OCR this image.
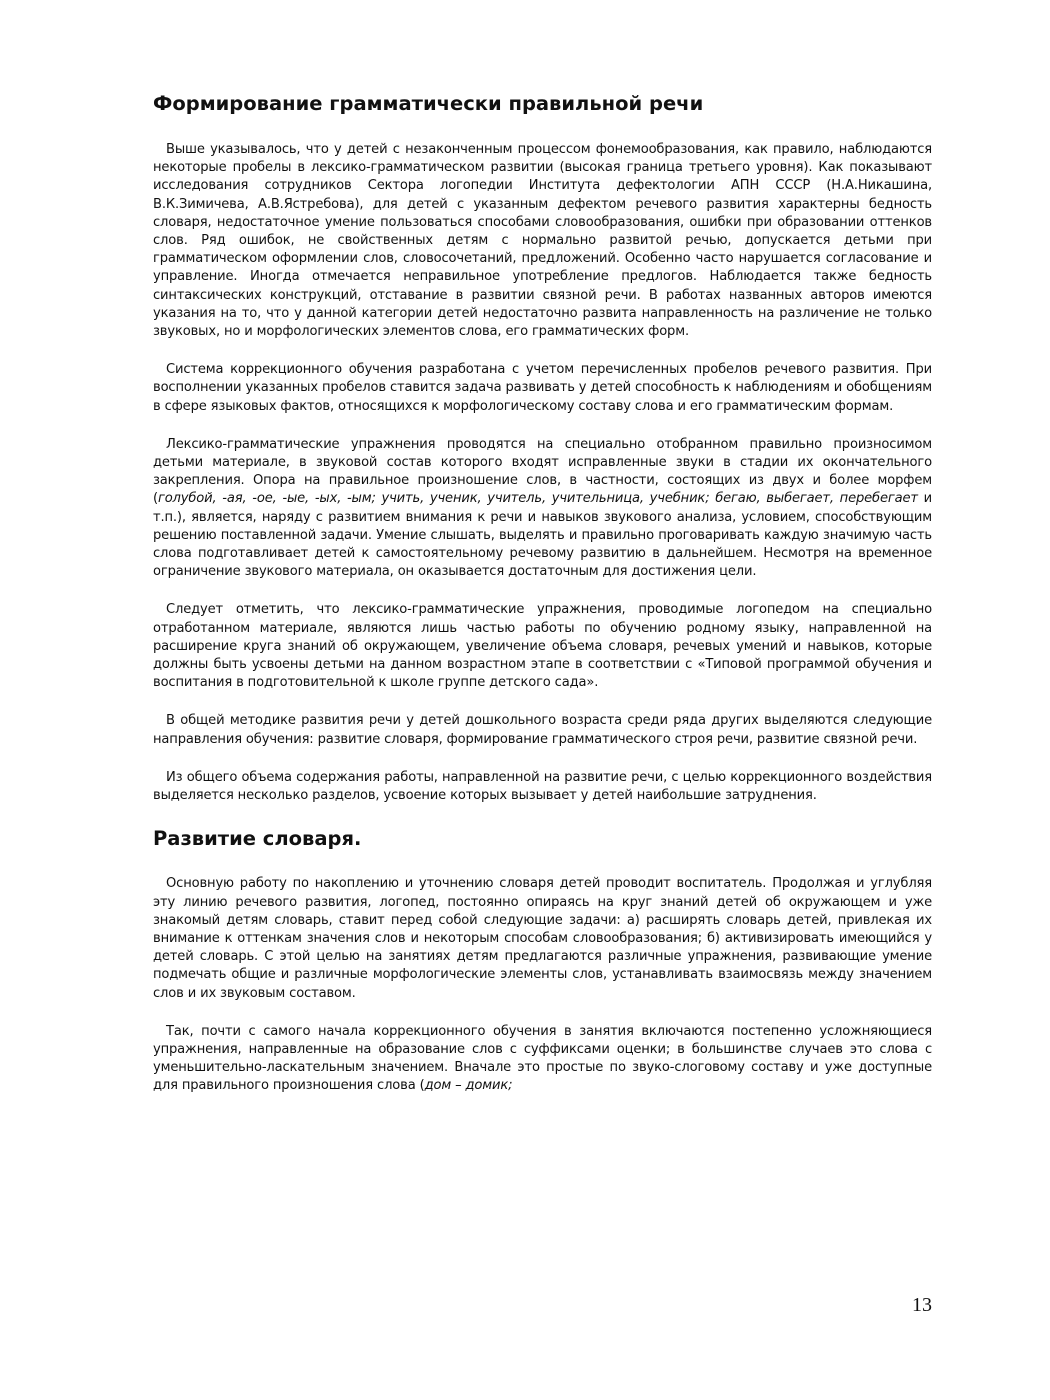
Формирование грамматически правильной речи

Выше указывалось, что у детей с незаконченным процессом фонемообразования, как правило, наблюдаются некоторые пробелы в лексико-грамматическом развитии (высокая граница третьего уровня). Как показывают исследования сотрудников Сектора логопедии Института дефектологии АПН СССР (Н.А.Никашина, В.К.Зимичева, А.В.Ястребова), для детей с указанным дефектом речевого развития характерны бедность словаря, недостаточное умение пользоваться способами словообразования, ошибки при образовании оттенков слов. Ряд ошибок, не свойственных детям с нормально развитой речью, допускается детьми при грамматическом оформлении слов, словосочетаний, предложений. Особенно часто нарушается согласование и управление. Иногда отмечается неправильное употребление предлогов. Наблюдается также бедность синтаксических конструкций, отставание в развитии связной речи. В работах названных авторов имеются указания на то, что у данной категории детей недостаточно развита направленность на различение не только звуковых, но и морфологических элементов слова, его грамматических форм.

Система коррекционного обучения разработана с учетом перечисленных пробелов речевого развития. При восполнении указанных пробелов ставится задача развивать у детей способность к наблюдениям и обобщениям в сфере языковых фактов, относящихся к морфологическому составу слова и его грамматическим формам.

Лексико-грамматические упражнения проводятся на специально отобранном правильно произносимом детьми материале, в звуковой состав которого входят исправленные звуки в стадии их окончательного закрепления. Опора на правильное произношение слов, в частности, состоящих из двух и более морфем (голубой, -ая, -ое, -ые, -ых, -ым; учить, ученик, учитель, учительница, учебник; бегаю, выбегает, перебегает и т.п.), является, наряду с развитием внимания к речи и навыков звукового анализа, условием, способствующим решению поставленной задачи. Умение слышать, выделять и правильно проговаривать каждую значимую часть слова подготавливает детей к самостоятельному речевому развитию в дальнейшем. Несмотря на временное ограничение звукового материала, он оказывается достаточным для достижения цели.

Следует отметить, что лексико-грамматические упражнения, проводимые логопедом на специально отработанном материале, являются лишь частью работы по обучению родному языку, направленной на расширение круга знаний об окружающем, увеличение объема словаря, речевых умений и навыков, которые должны быть усвоены детьми на данном возрастном этапе в соответствии с «Типовой программой обучения и воспитания в подготовительной к школе группе детского сада».

В общей методике развития речи у детей дошкольного возраста среди ряда других выделяются следующие направления обучения: развитие словаря, формирование грамматического строя речи, развитие связной речи.

Из общего объема содержания работы, направленной на развитие речи, с целью коррекционного воздействия выделяется несколько разделов, усвоение которых вызывает у детей наибольшие затруднения.

Развитие словаря.

Основную работу по накоплению и уточнению словаря детей проводит воспитатель. Продолжая и углубляя эту линию речевого развития, логопед, постоянно опираясь на круг знаний детей об окружающем и уже знакомый детям словарь, ставит перед собой следующие задачи: а) расширять словарь детей, привлекая их внимание к оттенкам значения слов и некоторым способам словообразования; б) активизировать имеющийся у детей словарь. С этой целью на занятиях детям предлагаются различные упражнения, развивающие умение подмечать общие и различные морфологические элементы слов, устанавливать взаимосвязь между значением слов и их звуковым составом.

Так, почти с самого начала коррекционного обучения в занятия включаются постепенно усложняющиеся упражнения, направленные на образование слов с суффиксами оценки; в большинстве случаев это слова с уменьшительно-ласкательным значением. Вначале это простые по звуко-слоговому составу и уже доступные для правильного произношения слова (дом – домик;

13
